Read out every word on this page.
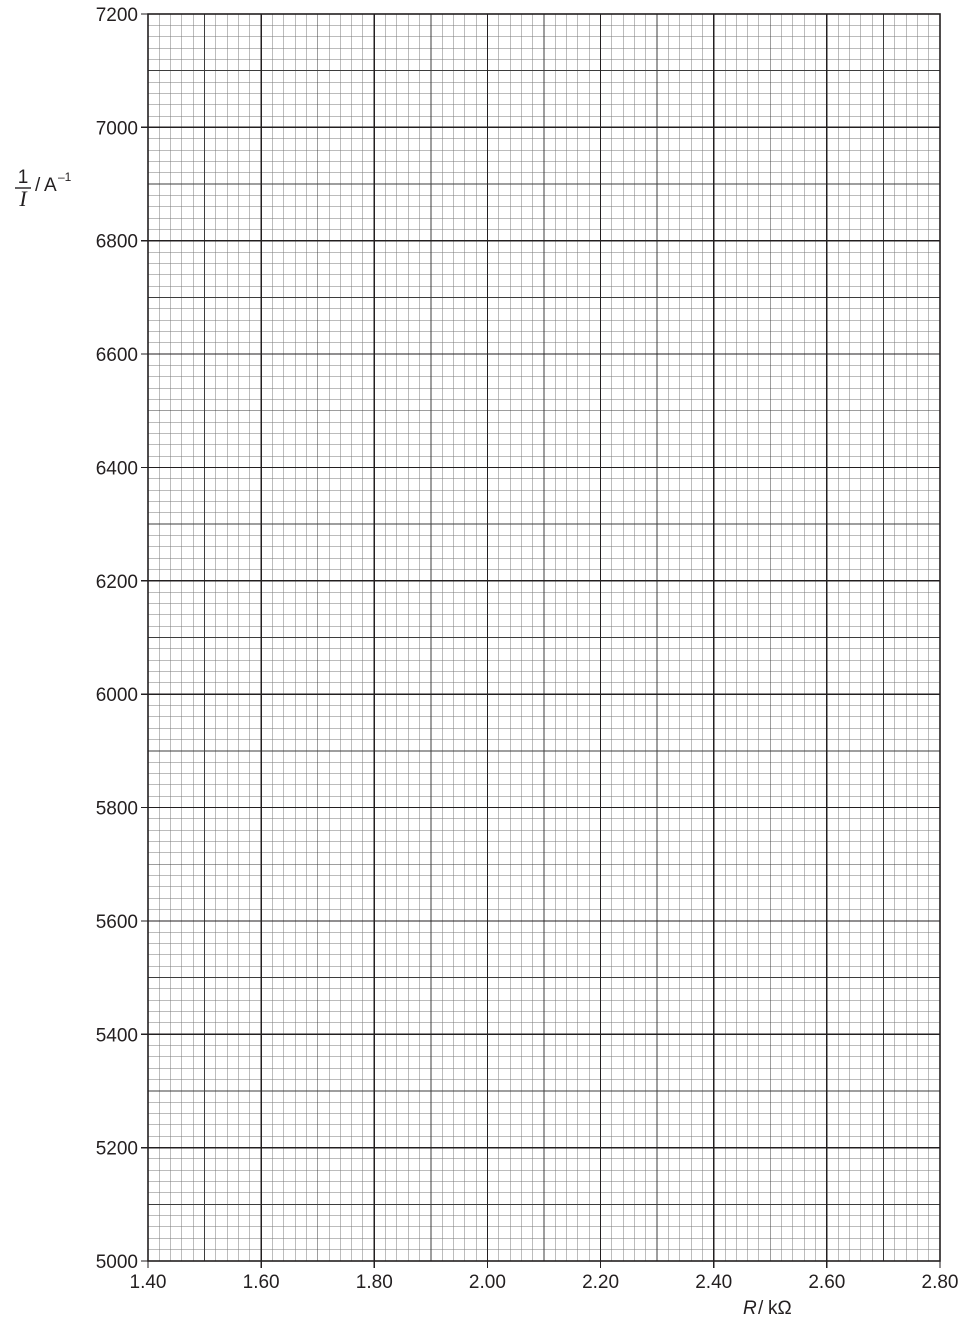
1.40	1.60	1.80	2.00	2.20	2.40	2.60	2.80
5000
5200
5400
5600
5800
6000
6200
6400
6600
6800
7000
7200
1
I
/ A –1
R / kΩ
